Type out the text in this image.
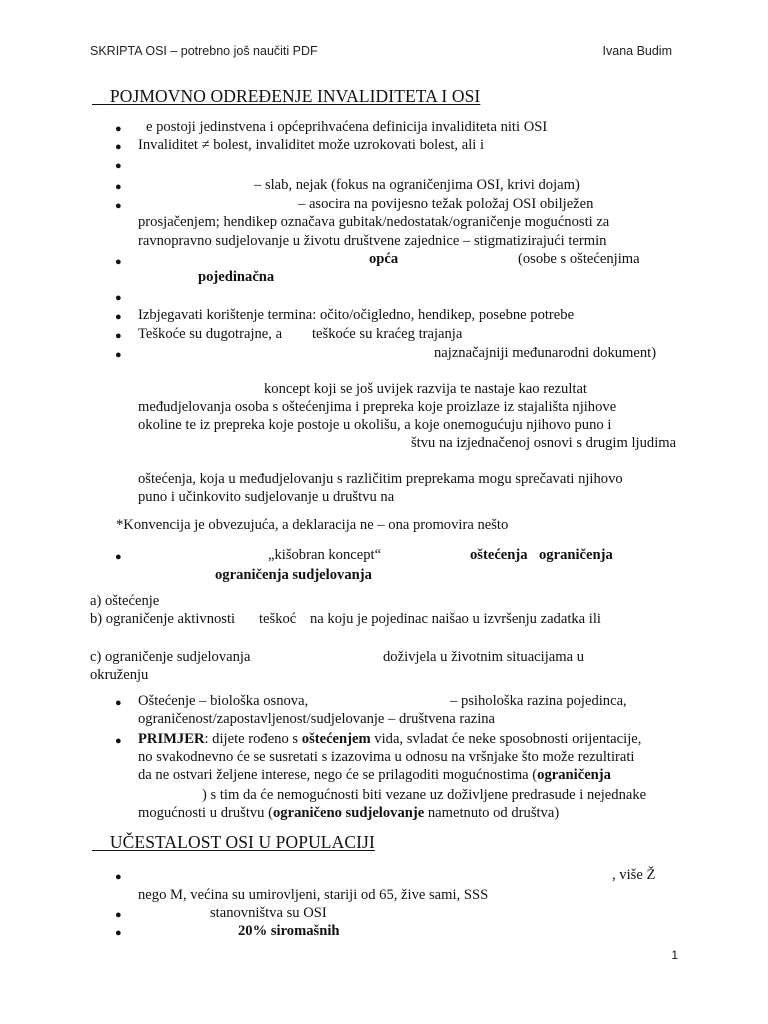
SKRIPTA OSI – potrebno još naučiti PDF	Ivana Budim
POJMOVNO ODREĐENJE INVALIDITETA I OSI
● e postoji jedinstvena i općeprihvaćena definicija invaliditeta niti OSI
● Invaliditet ≠ bolest, invaliditet može uzrokovati bolest, ali i
●
●	– slab, nejak (fokus na ograničenjima OSI, krivi dojam)
●	– asocira na povijesno težak položaj OSI obilježen
prosjačenjem; hendikep označava gubitak/nedostatak/ograničenje mogućnosti za
ravnopravno sudjelovanje u životu društvene zajednice – stigmatizirajući termin
●	opća	(osobe s oštećenjima
pojedinačna
●
● Izbjegavati korištenje termina: očito/očigledno, hendikep, posebne potrebe
● Teškoće su dugotrajne, a teškoće su kraćeg trajanja
●	najznačajniji međunarodni dokument)
koncept koji se još uvijek razvija te nastaje kao rezultat
međudjelovanja osoba s oštećenjima i prepreka koje proizlaze iz stajališta njihove
okoline te iz prepreka koje postoje u okolišu, a koje onemogućuju njihovo puno i
štvu na izjednačenoj osnovi s drugim ljudima
oštećenja, koja u međudjelovanju s različitim preprekama mogu sprečavati njihovo
puno i učinkovito sudjelovanje u društvu na
*Konvencija je obvezujuća, a deklaracija ne – ona promovira nešto
●	„kišobran koncept“	oštećenja ograničenja
ograničenja sudjelovanja
a) oštećenje
b) ograničenje aktivnosti teškoć na koju je pojedinac naišao u izvršenju zadatka ili
c) ograničenje sudjelovanja	doživjela u životnim situacijama u
okruženju
● Oštećenje – biološka osnova,	– psihološka razina pojedinca,
ograničenost/zapostavljenost/sudjelovanje – društvena razina
● PRIMJER: dijete rođeno s oštećenjem vida, svladat će neke sposobnosti orijentacije,
no svakodnevno će se susretati s izazovima u odnosu na vršnjake što može rezultirati
da ne ostvari željene interese, nego će se prilagoditi mogućnostima (ograničenja
) s tim da će nemogućnosti biti vezane uz doživljene predrasude i nejednake
mogućnosti u društvu (ograničeno sudjelovanje nametnuto od društva)
UČESTALOST OSI U POPULACIJI
●	, više Ž
nego M, većina su umirovljeni, stariji od 65, žive sami, SSS
●	stanovništva su OSI
●	20% siromašnih
1
